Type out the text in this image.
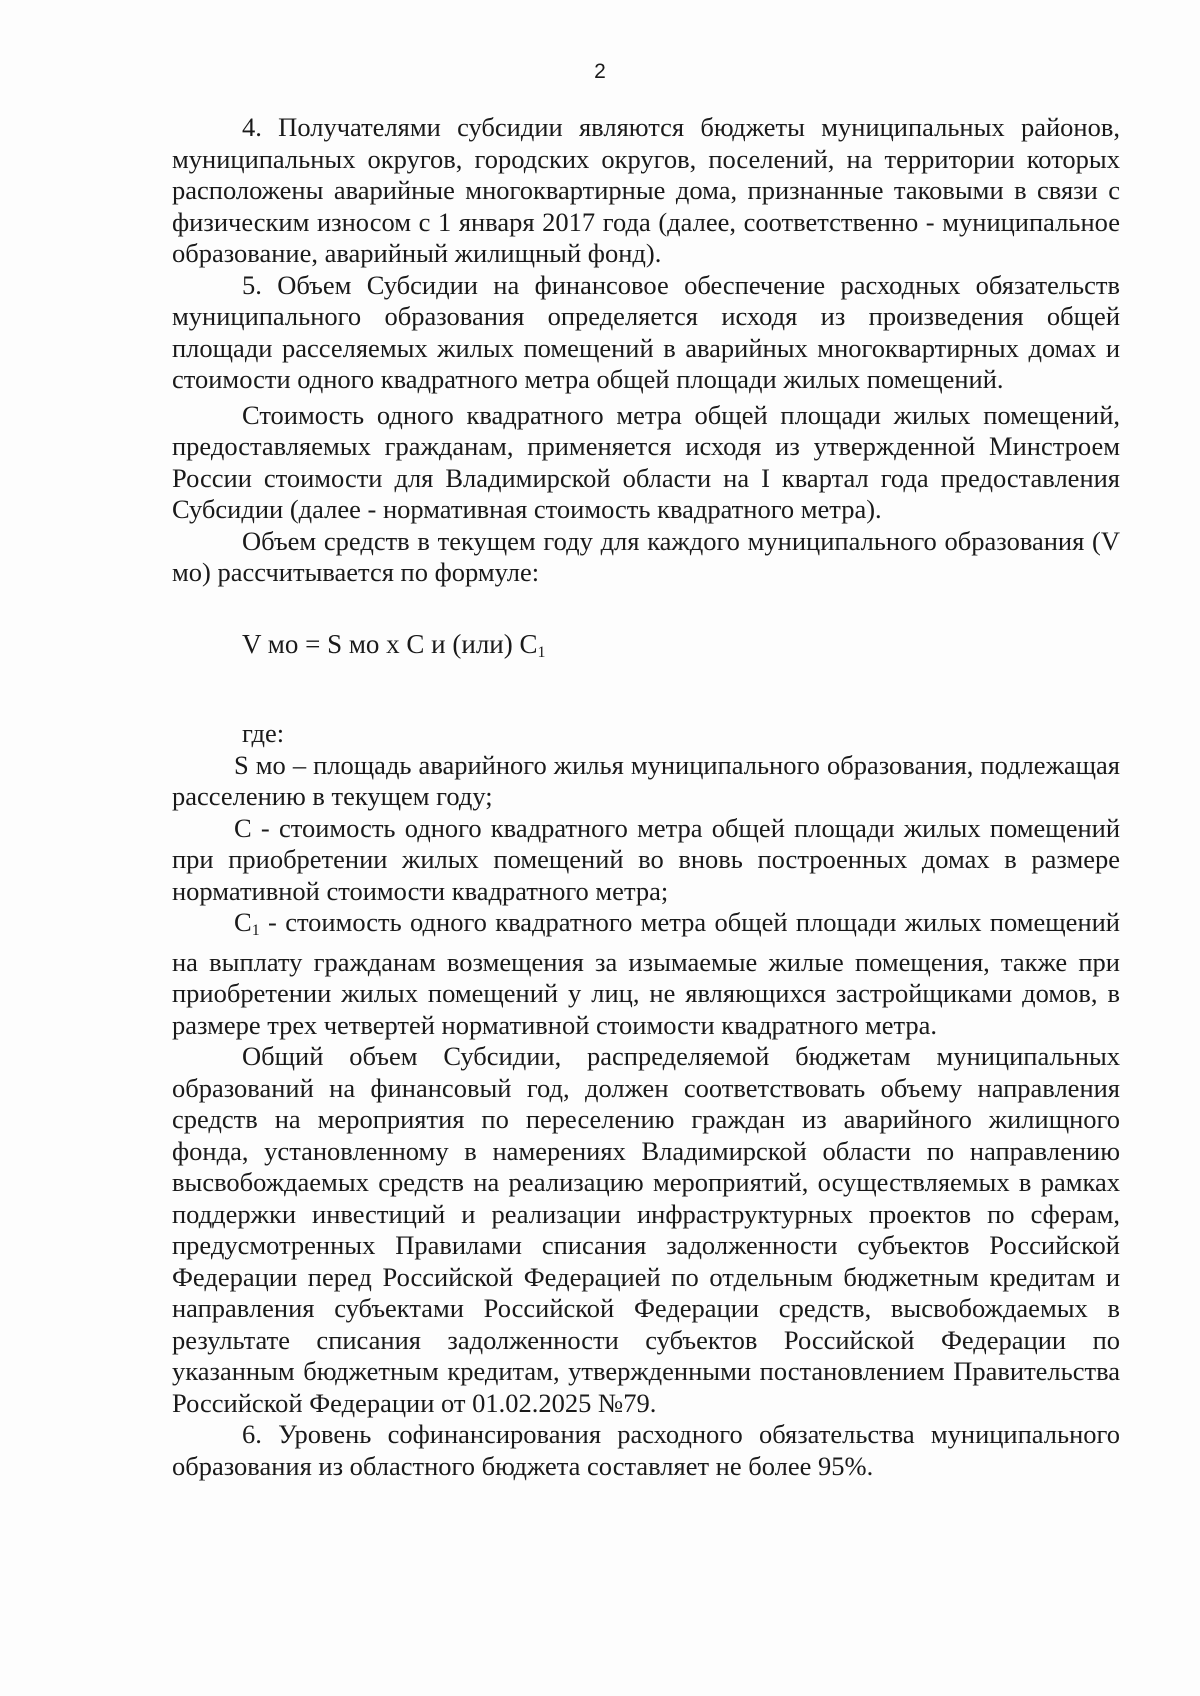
2

4. Получателями субсидии являются бюджеты муниципальных районов, муниципальных округов, городских округов, поселений, на территории которых расположены аварийные многоквартирные дома, признанные таковыми в связи с физическим износом с 1 января 2017 года (далее, соответственно - муниципальное образование, аварийный жилищный фонд).

5. Объем Субсидии на финансовое обеспечение расходных обязательств муниципального образования определяется исходя из произведения общей площади расселяемых жилых помещений в аварийных многоквартирных домах и стоимости одного квадратного метра общей площади жилых помещений.

Стоимость одного квадратного метра общей площади жилых помещений, предоставляемых гражданам, применяется исходя из утвержденной Минстроем России стоимости для Владимирской области на I квартал года предоставления Субсидии (далее - нормативная стоимость квадратного метра).

Объем средств в текущем году для каждого муниципального образования (V мо) рассчитывается по формуле:

V мо = S мо х С и (или) $С_1$
где:

S мо – площадь аварийного жилья муниципального образования, подлежащая расселению в текущем году;

С - стоимость одного квадратного метра общей площади жилых помещений при приобретении жилых помещений во вновь построенных домах в размере нормативной стоимости квадратного метра;

С1 - стоимость одного квадратного метра общей площади жилых помещений на выплату гражданам возмещения за изымаемые жилые помещения, также при приобретении жилых помещений у лиц, не являющихся застройщиками домов, в размере трех четвертей нормативной стоимости квадратного метра.

Общий объем Субсидии, распределяемой бюджетам муниципальных образований на финансовый год, должен соответствовать объему направления средств на мероприятия по переселению граждан из аварийного жилищного фонда, установленному в намерениях Владимирской области по направлению высвобождаемых средств на реализацию мероприятий, осуществляемых в рамках поддержки инвестиций и реализации инфраструктурных проектов по сферам, предусмотренных Правилами списания задолженности субъектов Российской Федерации перед Российской Федерацией по отдельным бюджетным кредитам и направления субъектами Российской Федерации средств, высвобождаемых в результате списания задолженности субъектов Российской Федерации по указанным бюджетным кредитам, утвержденными постановлением Правительства Российской Федерации от 01.02.2025 №79.

6. Уровень софинансирования расходного обязательства муниципального образования из областного бюджета составляет не более 95%.
